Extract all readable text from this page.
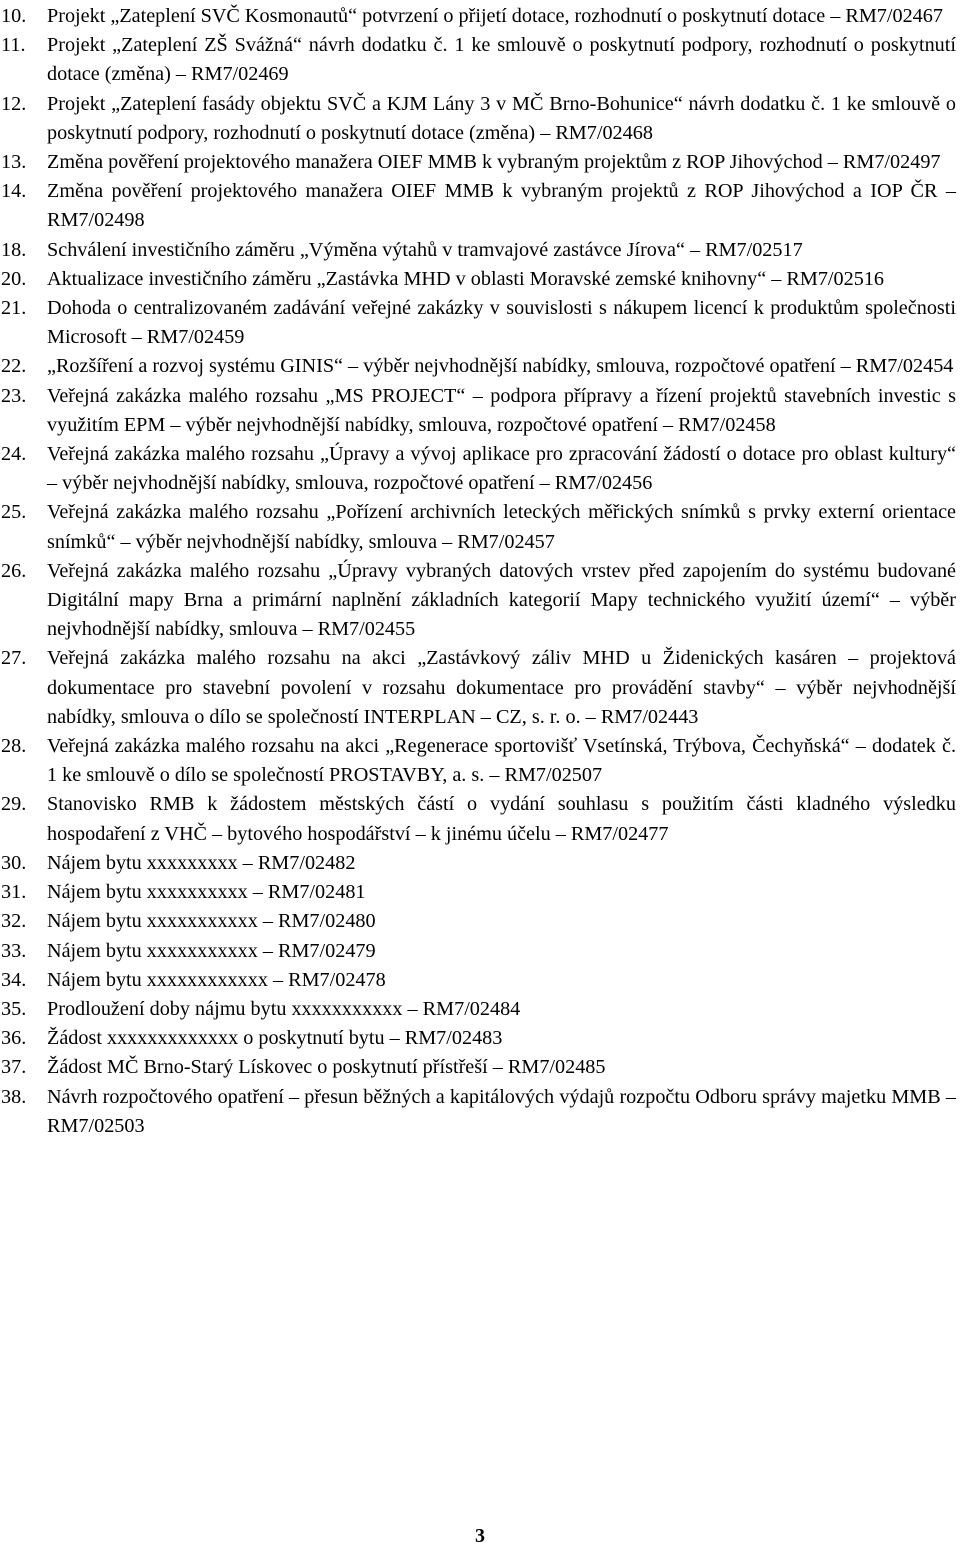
10. Projekt „Zateplení SVČ Kosmonautů“ potvrzení o přijetí dotace, rozhodnutí o poskytnutí dotace – RM7/02467
11. Projekt „Zateplení ZŠ Svážná“ návrh dodatku č. 1 ke smlouvě o poskytnutí podpory, rozhodnutí o poskytnutí dotace (změna) – RM7/02469
12. Projekt „Zateplení fasády objektu SVČ a KJM Lány 3 v MČ Brno-Bohunice“ návrh dodatku č. 1 ke smlouvě o poskytnutí podpory, rozhodnutí o poskytnutí dotace (změna) – RM7/02468
13. Změna pověření projektového manažera OIEF MMB k vybraným projektům z ROP Jihovýchod – RM7/02497
14. Změna pověření projektového manažera OIEF MMB k vybraným projektů z ROP Jihovýchod a IOP ČR – RM7/02498
18. Schválení investičního záměru „Výměna výtahů v tramvajové zastávce Jírova“ – RM7/02517
20. Aktualizace investičního záměru „Zastávka MHD v oblasti Moravské zemské knihovny“ – RM7/02516
21. Dohoda o centralizovaném zadávání veřejné zakázky v souvislosti s nákupem licencí k produktům společnosti Microsoft – RM7/02459
22. „Rozšíření a rozvoj systému GINIS“ – výběr nejvhodnější nabídky, smlouva, rozpočtové opatření – RM7/02454
23. Veřejná zakázka malého rozsahu „MS PROJECT“ – podpora přípravy a řízení projektů stavebních investic s využitím EPM – výběr nejvhodnější nabídky, smlouva, rozpočtové opatření – RM7/02458
24. Veřejná zakázka malého rozsahu „Úpravy a vývoj aplikace pro zpracování žádostí o dotace pro oblast kultury“ – výběr nejvhodnější nabídky, smlouva, rozpočtové opatření – RM7/02456
25. Veřejná zakázka malého rozsahu „Pořízení archivních leteckých měřických snímků s prvky externí orientace snímků“ – výběr nejvhodnější nabídky, smlouva – RM7/02457
26. Veřejná zakázka malého rozsahu „Úpravy vybraných datových vrstev před zapojením do systému budované Digitální mapy Brna a primární naplnění základních kategorií Mapy technického využití území“ – výběr nejvhodnější nabídky, smlouva – RM7/02455
27. Veřejná zakázka malého rozsahu na akci „Zastávkový záliv MHD u Židenických kasáren – projektová dokumentace pro stavební povolení v rozsahu dokumentace pro provádění stavby“ – výběr nejvhodnější nabídky, smlouva o dílo se společností INTERPLAN – CZ, s. r. o. – RM7/02443
28. Veřejná zakázka malého rozsahu na akci „Regenerace sportovišť Vsetínská, Trýbova, Čechyňská“ – dodatek č. 1 ke smlouvě o dílo se společností PROSTAVBY, a. s. – RM7/02507
29. Stanovisko RMB k žádostem městských částí o vydání souhlasu s použitím části kladného výsledku hospodaření z VHČ – bytového hospodářství – k jinému účelu – RM7/02477
30. Nájem bytu xxxxxxxxx – RM7/02482
31. Nájem bytu xxxxxxxxxx – RM7/02481
32. Nájem bytu xxxxxxxxxxx – RM7/02480
33. Nájem bytu xxxxxxxxxxx – RM7/02479
34. Nájem bytu xxxxxxxxxxxx – RM7/02478
35. Prodloužení doby nájmu bytu xxxxxxxxxxx – RM7/02484
36. Žádost xxxxxxxxxxxxx o poskytnutí bytu – RM7/02483
37. Žádost MČ Brno-Starý Lískovec o poskytnutí přístřeší – RM7/02485
38. Návrh rozpočtového opatření – přesun běžných a kapitálových výdajů rozpočtu Odboru správy majetku MMB – RM7/02503
3
